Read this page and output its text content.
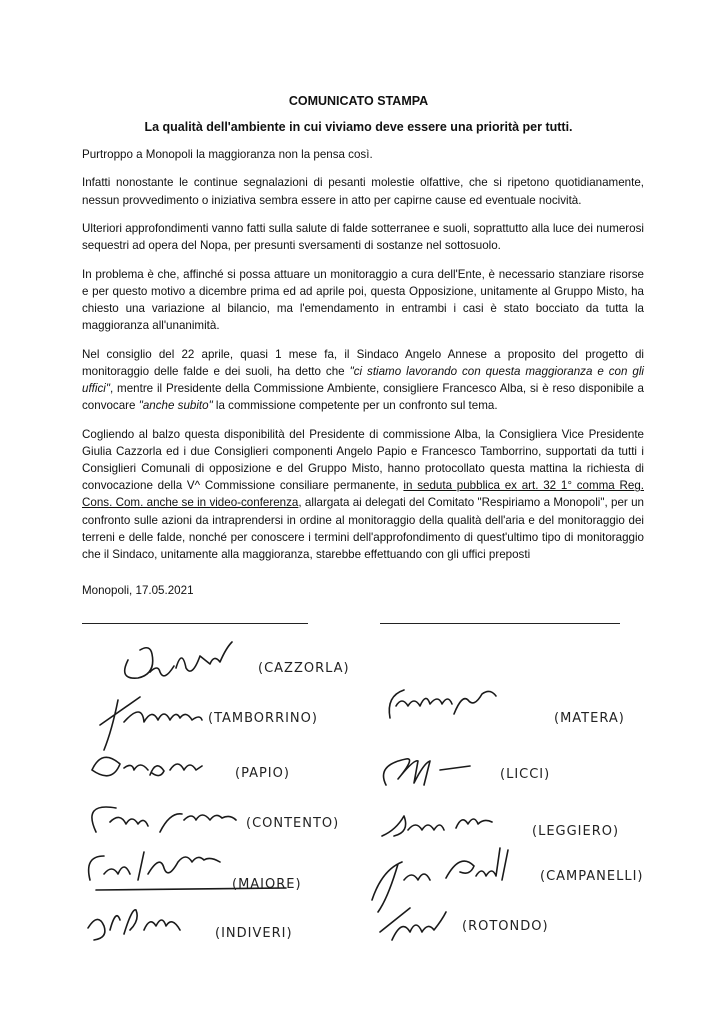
COMUNICATO STAMPA
La qualità dell'ambiente in cui viviamo deve essere una priorità per tutti.

Purtroppo a Monopoli la maggioranza non la pensa così.

Infatti nonostante le continue segnalazioni di pesanti molestie olfattive, che si ripetono quotidianamente, nessun provvedimento o iniziativa sembra essere in atto per capirne cause ed eventuale nocività.

Ulteriori approfondimenti vanno fatti sulla salute di falde sotterranee e suoli, soprattutto alla luce dei numerosi sequestri ad opera del Nopa, per presunti sversamenti di sostanze nel sottosuolo.

In problema è che, affinché si possa attuare un monitoraggio a cura dell'Ente, è necessario stanziare risorse e per questo motivo a dicembre prima ed ad aprile poi, questa Opposizione, unitamente al Gruppo Misto, ha chiesto una variazione al bilancio, ma l'emendamento in entrambi i casi è stato bocciato da tutta la maggioranza all'unanimità.

Nel consiglio del 22 aprile, quasi 1 mese fa, il Sindaco Angelo Annese a proposito del progetto di monitoraggio delle falde e dei suoli, ha detto che "ci stiamo lavorando con questa maggioranza e con gli uffici", mentre il Presidente della Commissione Ambiente, consigliere Francesco Alba, si è reso disponibile a convocare "anche subito" la commissione competente per un confronto sul tema.

Cogliendo al balzo questa disponibilità del Presidente di commissione Alba, la Consigliera Vice Presidente Giulia Cazzorla ed i due Consiglieri componenti Angelo Papio e Francesco Tamborrino, supportati da tutti i Consiglieri Comunali di opposizione e del Gruppo Misto, hanno protocollato questa mattina la richiesta di convocazione della V^ Commissione consiliare permanente, in seduta pubblica ex art. 32 1° comma Reg. Cons. Com. anche se in video-conferenza, allargata ai delegati del Comitato "Respiriamo a Monopoli", per un confronto sulle azioni da intraprendersi in ordine al monitoraggio della qualità dell'aria e del monitoraggio dei terreni e delle falde, nonché per conoscere i termini dell'approfondimento di quest'ultimo tipo di monitoraggio che il Sindaco, unitamente alla maggioranza, starebbe effettuando con gli uffici preposti

Monopoli, 17.05.2021
(CAZZORLA)
(TAMBORRINO)
(PAPIO)
(CONTENTO)
(MAIORE)
(INDIVERI)
(MATERA)
(LICCI)
(LEGGIERO)
(CAMPANELLI)
(ROTONDO)
